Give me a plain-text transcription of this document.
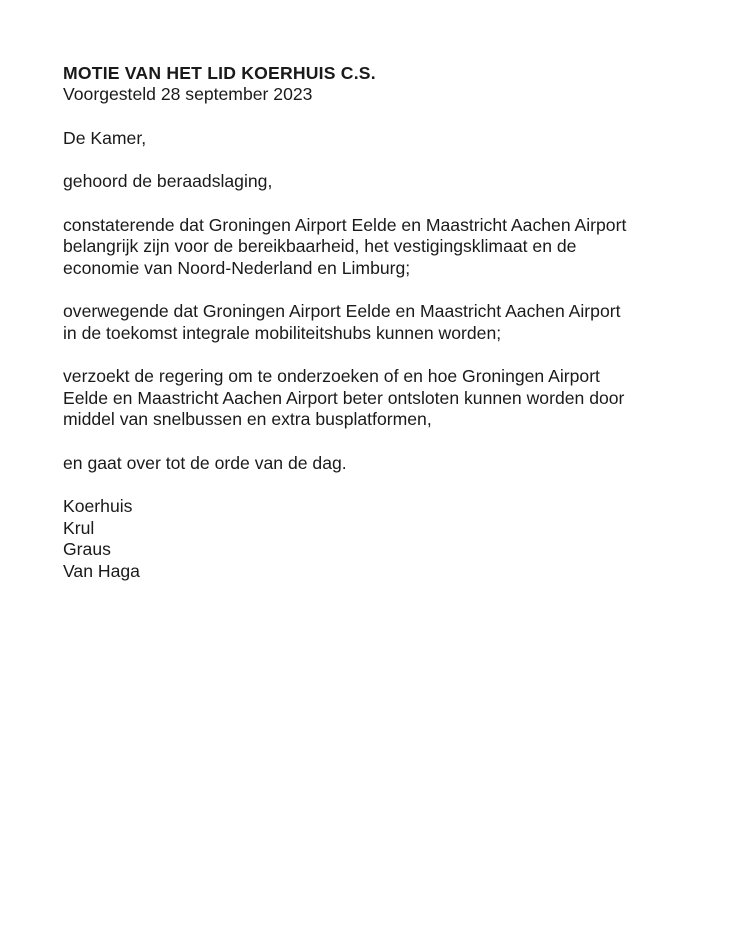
MOTIE VAN HET LID KOERHUIS C.S.

Voorgesteld 28 september 2023

De Kamer,

gehoord de beraadslaging,

constaterende dat Groningen Airport Eelde en Maastricht Aachen Airport
belangrijk zijn voor de bereikbaarheid, het vestigingsklimaat en de
economie van Noord-Nederland en Limburg;

overwegende dat Groningen Airport Eelde en Maastricht Aachen Airport
in de toekomst integrale mobiliteitshubs kunnen worden;

verzoekt de regering om te onderzoeken of en hoe Groningen Airport
Eelde en Maastricht Aachen Airport beter ontsloten kunnen worden door
middel van snelbussen en extra busplatformen,

en gaat over tot de orde van de dag.

Koerhuis
Krul
Graus
Van Haga
